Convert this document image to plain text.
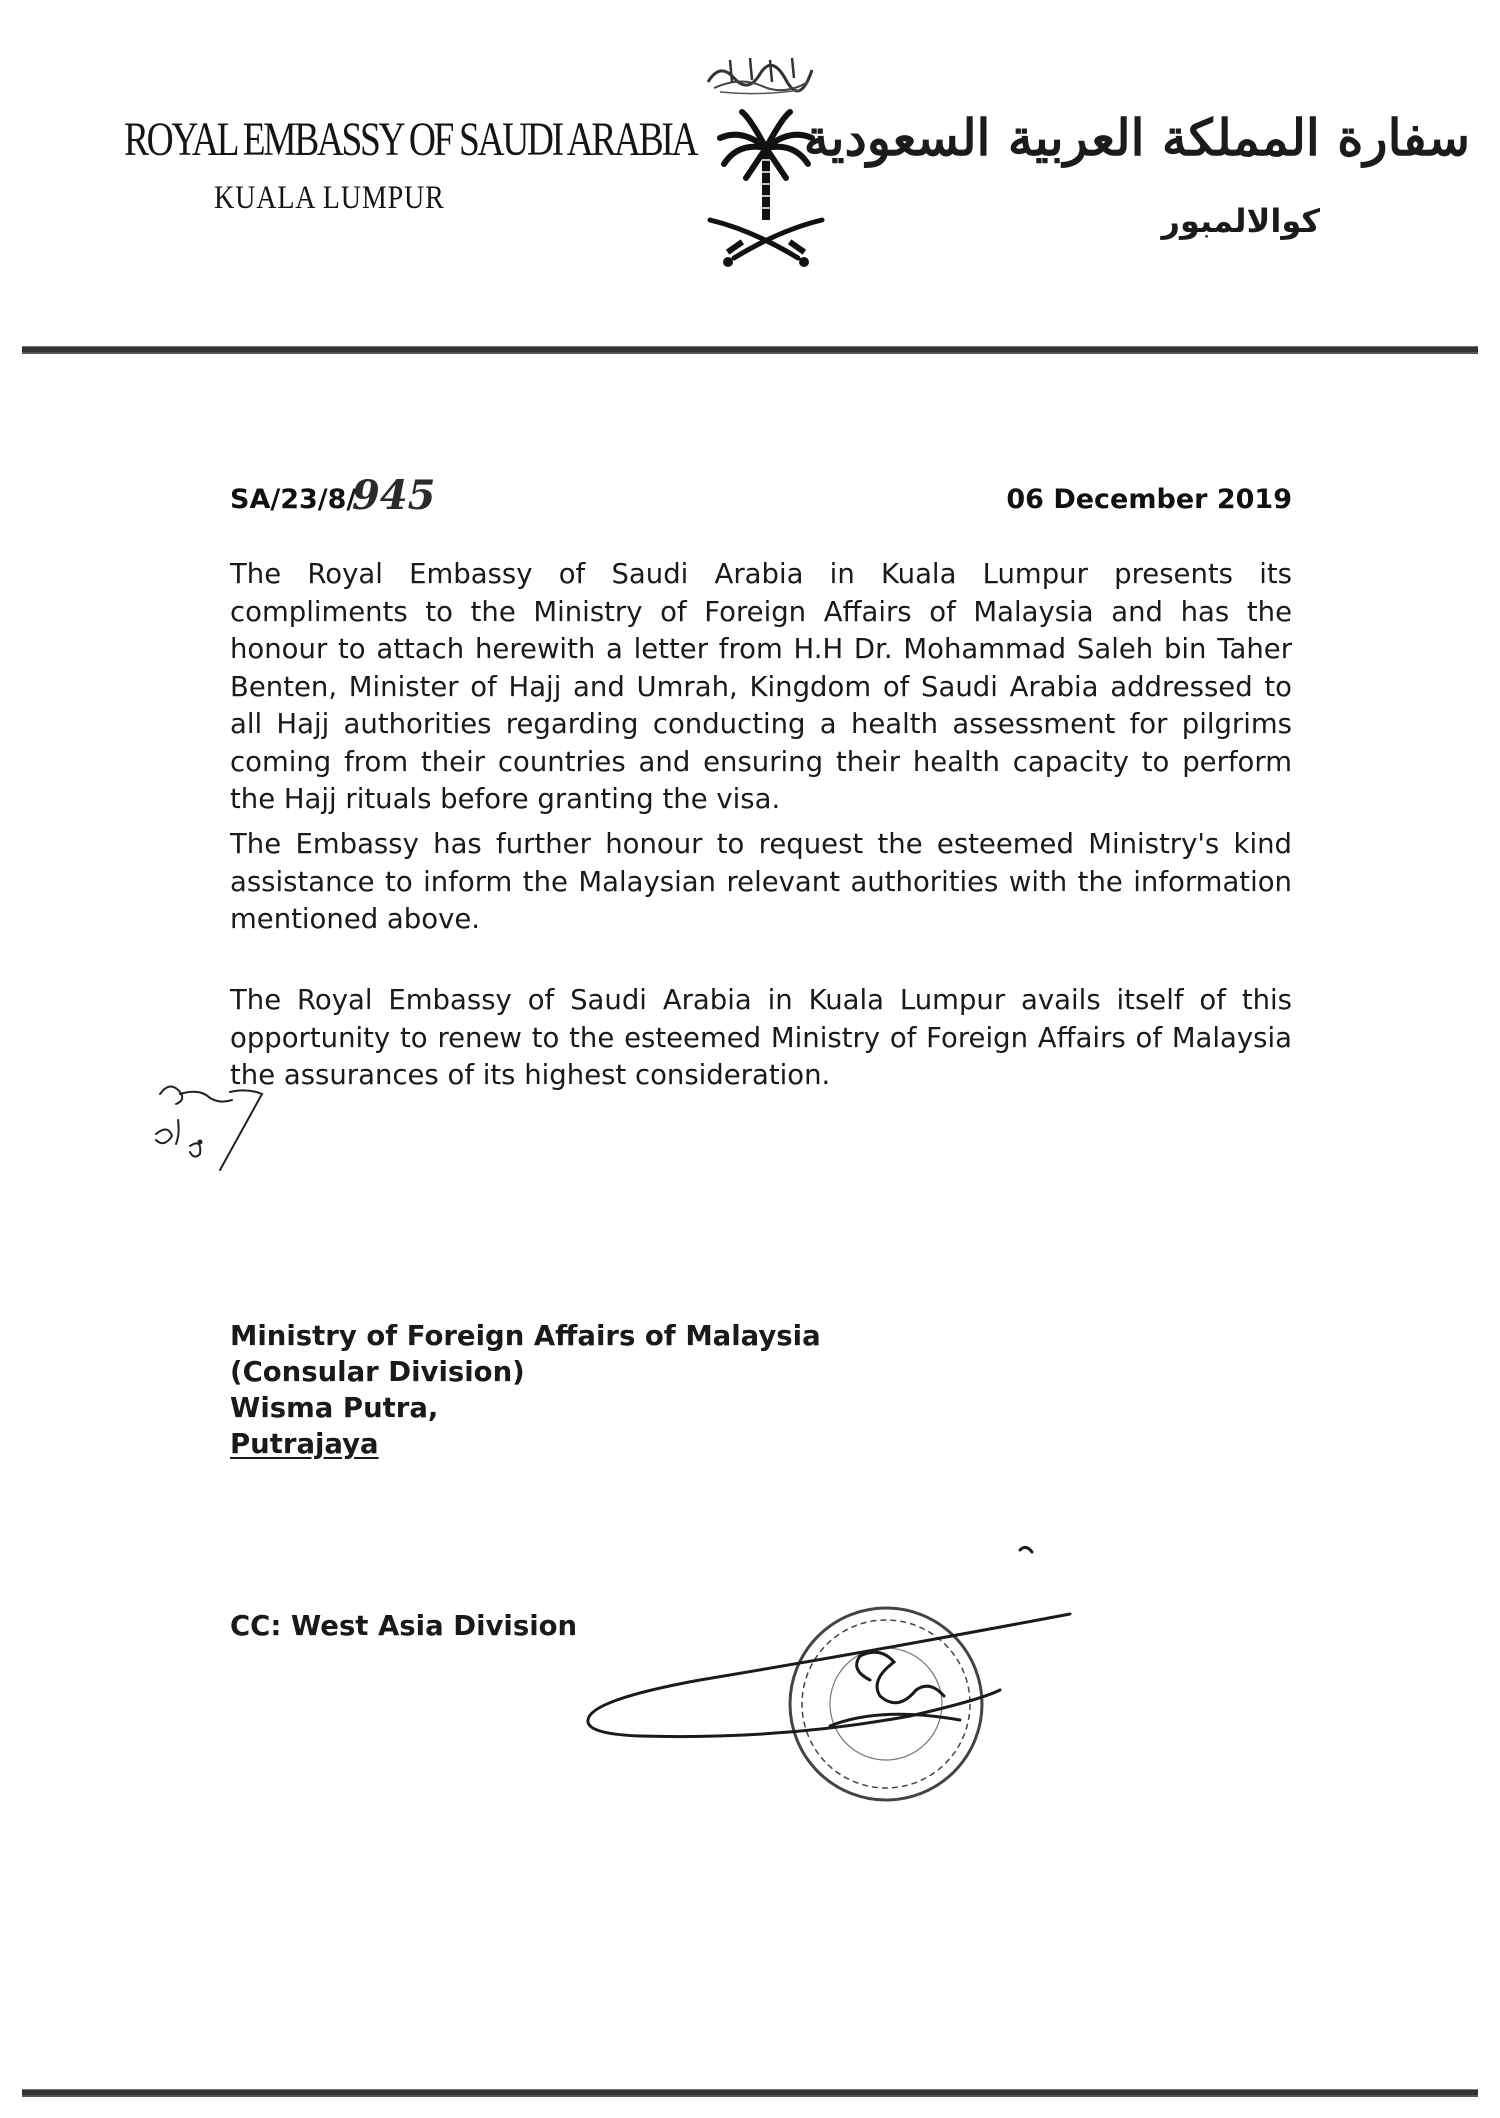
ROYAL EMBASSY OF SAUDI ARABIA
KUALA LUMPUR
سفارة المملكة العربية السعودية
كوالالمبور
SA/23/8/
945	06 December 2019
The Royal Embassy of Saudi Arabia in Kuala Lumpur presents its compliments to the Ministry of Foreign Affairs of Malaysia and has the honour to attach herewith a letter from H.H Dr. Mohammad Saleh bin Taher Benten, Minister of Hajj and Umrah, Kingdom of Saudi Arabia addressed to all Hajj authorities regarding conducting a health assessment for pilgrims coming from their countries and ensuring their health capacity to perform the Hajj rituals before granting the visa.
The Embassy has further honour to request the esteemed Ministry's kind assistance to inform the Malaysian relevant authorities with the information mentioned above.
The Royal Embassy of Saudi Arabia in Kuala Lumpur avails itself of this opportunity to renew to the esteemed Ministry of Foreign Affairs of Malaysia the assurances of its highest consideration.
Ministry of Foreign Affairs of Malaysia
(Consular Division)
Wisma Putra,
Putrajaya
CC: West Asia Division
